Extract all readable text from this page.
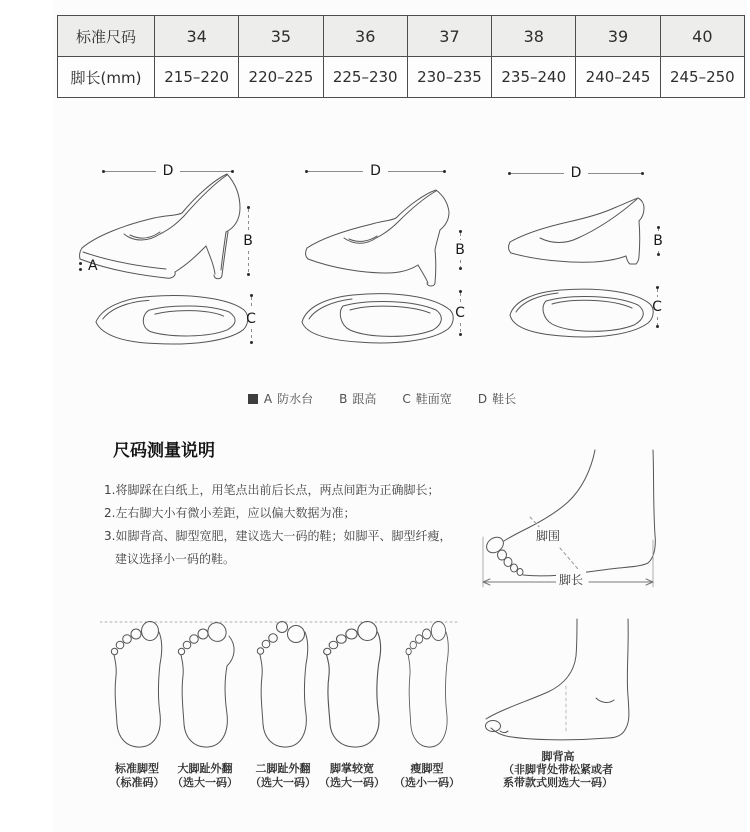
标准尺码	34	35	36	37	38	39	40
脚长(mm)	215–220	220–225	225–230	230–235	235–240	240–245	245–250
D	D	D
B
C
A
B
C
B
C
A 防水台 B 跟高 C 鞋面宽 D 鞋长
尺码测量说明
1.将脚踩在白纸上，用笔点出前后长点，两点间距为正确脚长；
2.左右脚大小有微小差距，应以偏大数据为准；
3.如脚背高、脚型宽肥，建议选大一码的鞋；如脚平、脚型纤瘦，
建议选择小一码的鞋。
脚围
脚长
标准脚型
（标准码）
大脚趾外翻
（选大一码）
二脚趾外翻
（选大一码）
脚掌较宽
（选大一码）
瘦脚型
（选小一码）
脚背高
（非脚背处带松紧或者
系带款式则选大一码）
